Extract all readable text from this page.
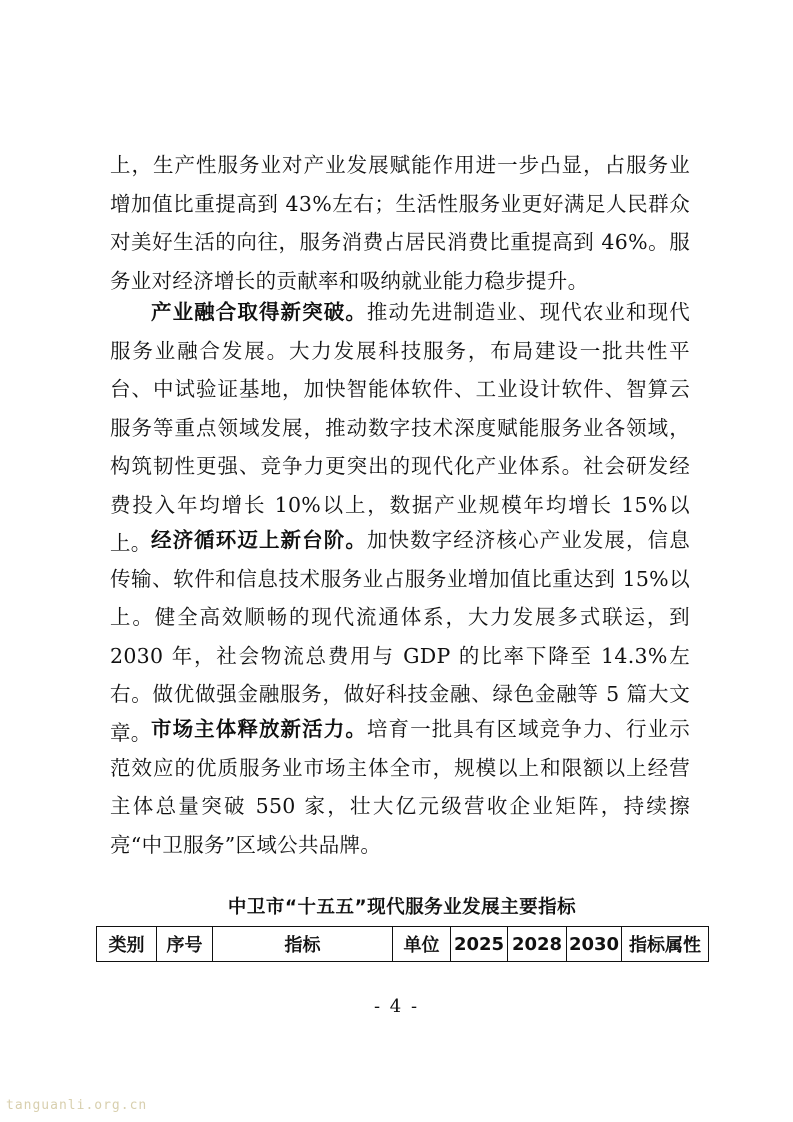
上，生产性服务业对产业发展赋能作用进一步凸显，占服务业增加值比重提高到 43%左右；生活性服务业更好满足人民群众对美好生活的向往，服务消费占居民消费比重提高到 46%。服务业对经济增长的贡献率和吸纳就业能力稳步提升。

产业融合取得新突破。推动先进制造业、现代农业和现代服务业融合发展。大力发展科技服务，布局建设一批共性平台、中试验证基地，加快智能体软件、工业设计软件、智算云服务等重点领域发展，推动数字技术深度赋能服务业各领域，构筑韧性更强、竞争力更突出的现代化产业体系。社会研发经费投入年均增长 10%以上，数据产业规模年均增长 15%以上。 经济循环迈上新台阶。加快数字经济核心产业发展，信息传输、软件和信息技术服务业占服务业增加值比重达到 15%以上。健全高效顺畅的现代流通体系，大力发展多式联运，到 2030 年，社会物流总费用与 GDP 的比率下降至 14.3%左右。做优做强金融服务，做好科技金融、绿色金融等 5 篇大文章。 市场主体释放新活力。培育一批具有区域竞争力、行业示范效应的优质服务业市场主体全市，规模以上和限额以上经营主体总量突破 550 家，壮大亿元级营收企业矩阵，持续擦亮“中卫服务”区域公共品牌。

中卫市“十五五”现代服务业发展主要指标
类别	序号	指标	单位	2025	2028	2030	指标属性
- 4 -
tanguanli.org.cn
